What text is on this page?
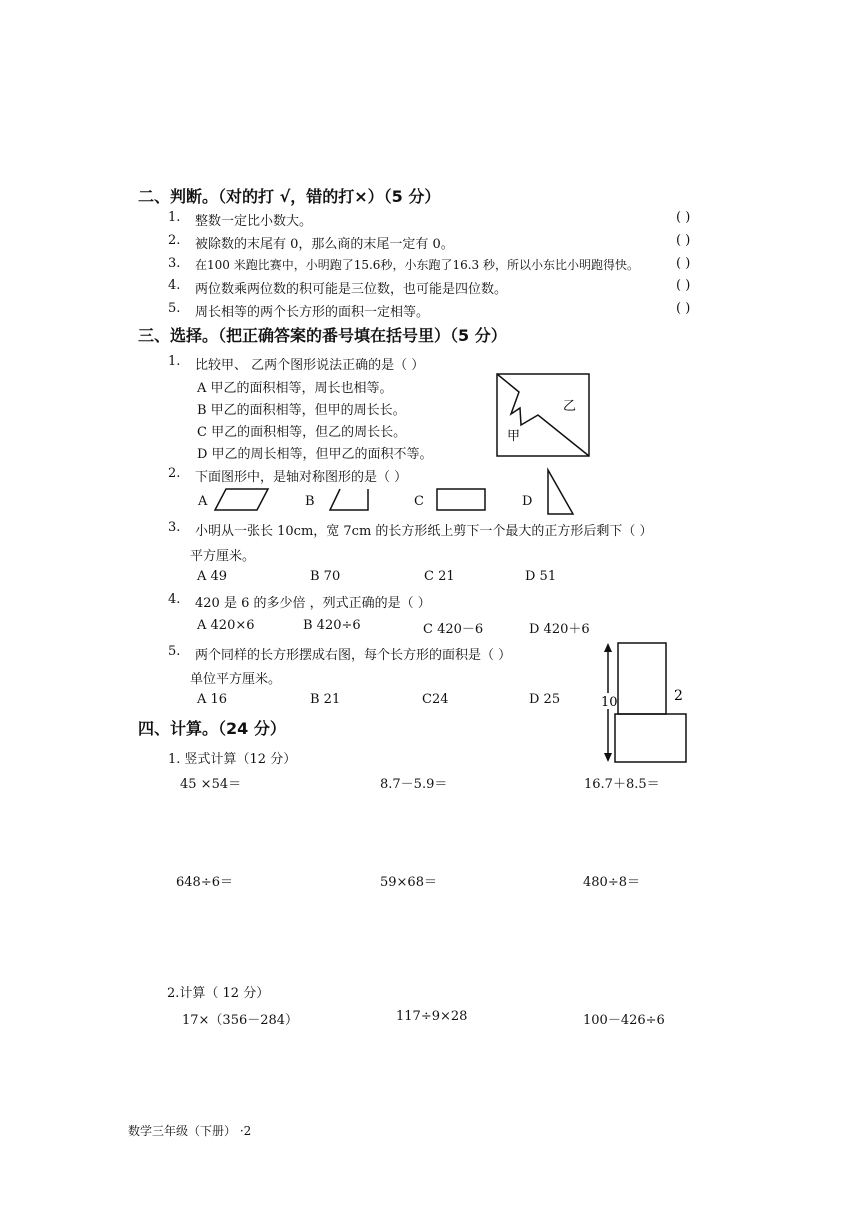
二、判断。（对的打 √，错的打×）（5 分）
1. 整数一定比小数大。	( )
2. 被除数的末尾有 0，那么商的末尾一定有 0。	( )
3. 在100 米跑比赛中，小明跑了15.6秒，小东跑了16.3 秒，所以小东比小明跑得快。	( )
4. 两位数乘两位数的积可能是三位数，也可能是四位数。	( )
5. 周长相等的两个长方形的面积一定相等。	( )
三、选择。（把正确答案的番号填在括号里）（5 分）
1. 比较甲、 乙两个图形说法正确的是（ ）
A 甲乙的面积相等，周长也相等。
B 甲乙的面积相等，但甲的周长长。
C 甲乙的面积相等，但乙的周长长。
D 甲乙的周长相等，但甲乙的面积不等。
乙
甲
2. 下面图形中，是轴对称图形的是（ ）
A	B	C	D
3. 小明从一张长 10cm，宽 7cm 的长方形纸上剪下一个最大的正方形后剩下（ ）
平方厘米。
A 49	B 70	C 21	D 51
4. 420 是 6 的多少倍 ，列式正确的是（ ）
A 420×6	B 420÷6	C 420－6	D 420＋6
5. 两个同样的长方形摆成右图，每个长方形的面积是（ ）
单位平方厘米。
A 16	B 21	C24	D 25	10	2
四、计算。（24 分）
1. 竖式计算（12 分）
45 ×54＝	8.7－5.9＝	16.7＋8.5＝
648÷6＝	59×68＝	480÷8＝
2.计算（ 12 分）
17×（356－284）	117÷9×28	100－426÷6
数学三年级（下册） ·2
